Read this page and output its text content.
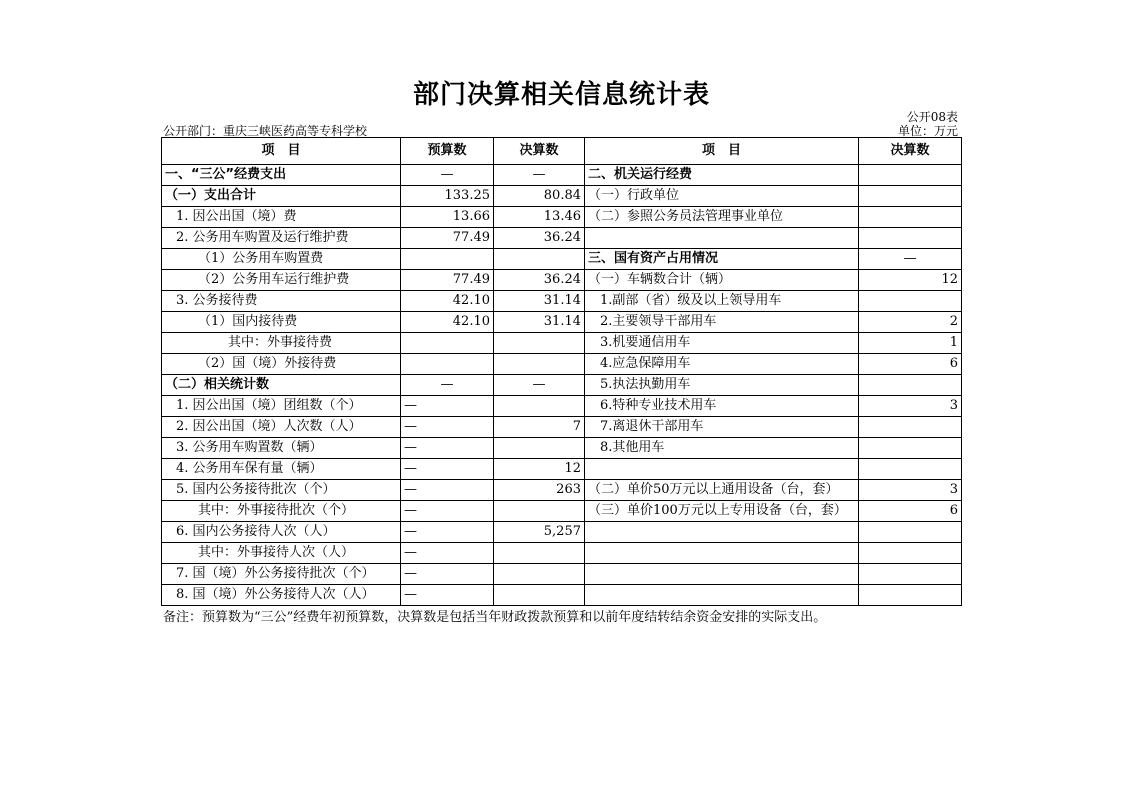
部门决算相关信息统计表
公开08表
公开部门：重庆三峡医药高等专科学校	单位：万元
项　目	预算数	决算数	项　目	决算数
一、“三公”经费支出	—	—	二、机关运行经费	
（一）支出合计	133.25	80.84	（一）行政单位	
1. 因公出国（境）费	13.66	13.46	（二）参照公务员法管理事业单位	
2. 公务用车购置及运行维护费	77.49	36.24		
（1）公务用车购置费			三、国有资产占用情况	—
（2）公务用车运行维护费	77.49	36.24	（一）车辆数合计（辆）	12
3. 公务接待费	42.10	31.14	1.副部（省）级及以上领导用车	
（1）国内接待费	42.10	31.14	2.主要领导干部用车	2
其中：外事接待费			3.机要通信用车	1
（2）国（境）外接待费			4.应急保障用车	6
（二）相关统计数	—	—	5.执法执勤用车	
1. 因公出国（境）团组数（个）	—		6.特种专业技术用车	3
2. 因公出国（境）人次数（人）	—	7	7.离退休干部用车	
3. 公务用车购置数（辆）	—		8.其他用车	
4. 公务用车保有量（辆）	—	12		
5. 国内公务接待批次（个）	—	263	（二）单价50万元以上通用设备（台，套）	3
其中：外事接待批次（个）	—		（三）单价100万元以上专用设备（台，套）	6
6. 国内公务接待人次（人）	—	5,257		
其中：外事接待人次（人）	—			
7. 国（境）外公务接待批次（个）	—			
8. 国（境）外公务接待人次（人）	—			
备注：预算数为“三公”经费年初预算数，决算数是包括当年财政拨款预算和以前年度结转结余资金安排的实际支出。
